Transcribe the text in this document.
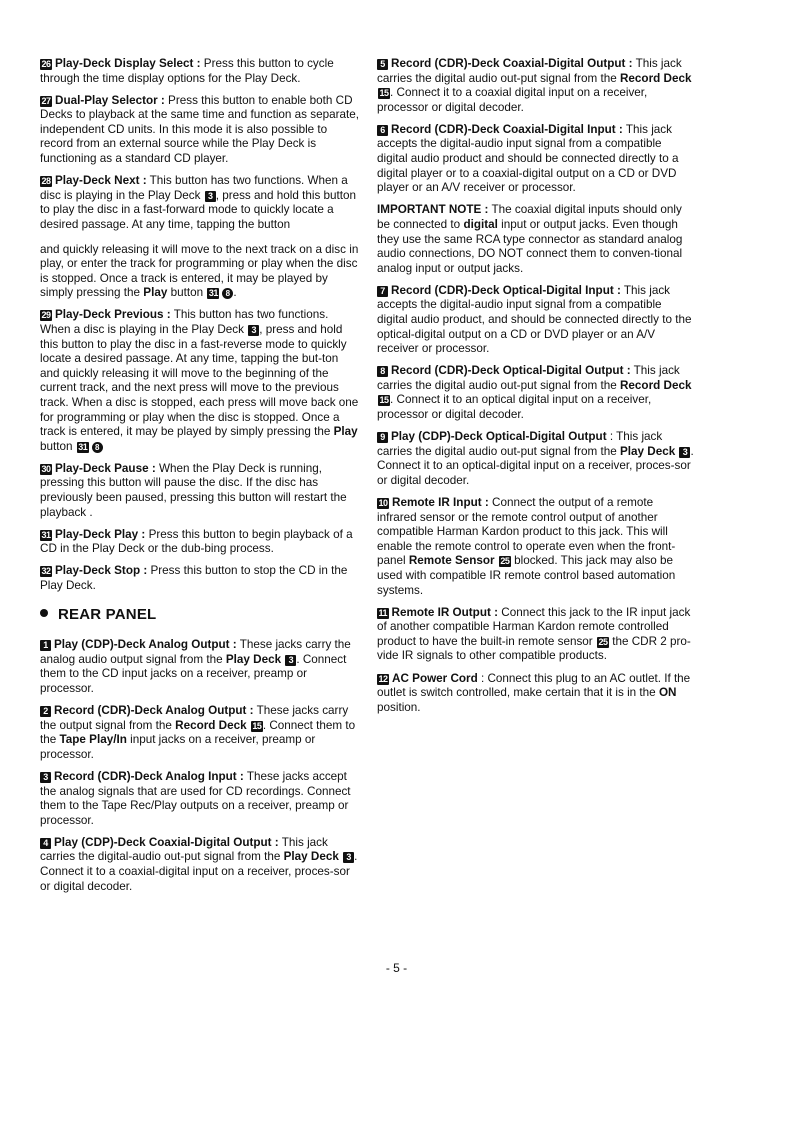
26 Play-Deck Display Select : Press this button to cycle through the time display options for the Play Deck.

27 Dual-Play Selector : Press this button to enable both CD Decks to playback at the same time and function as separate, independent CD units. In this mode it is also possible to record from an external source while the Play Deck is functioning as a standard CD player.

28 Play-Deck Next : This button has two functions. When a disc is playing in the Play Deck 3 , press and hold this button to play the disc in a fast-forward mode to quickly locate a desired passage. At any time, tapping the button

and quickly releasing it will move to the next track on a disc in play, or enter the track for programming or play when the disc is stopped. Once a track is entered, it may be played by simply pressing the Play button 31 8 .

29 Play-Deck Previous : This button has two functions. When a disc is playing in the Play Deck 3 , press and hold this button to play the disc in a fast-reverse mode to quickly locate a desired passage. At any time, tapping the but-ton and quickly releasing it will move to the beginning of the current track, and the next press will move to the previous track. When a disc is stopped, each press will move back one for programming or play when the disc is stopped. Once a track is entered, it may be played by simply pressing the Play button 31 8

30 Play-Deck Pause : When the Play Deck is running, pressing this button will pause the disc. If the disc has previously been paused, pressing this button will restart the playback .

31 Play-Deck Play : Press this button to begin playback of a CD in the Play Deck or the dub-bing process.

32 Play-Deck Stop : Press this button to stop the CD in the Play Deck.

REAR PANEL

1 Play (CDP)-Deck Analog Output : These jacks carry the analog audio output signal from the Play Deck 3 . Connect them to the CD input jacks on a receiver, preamp or processor.

2 Record (CDR)-Deck Analog Output : These jacks carry the output signal from the Record Deck 15 . Connect them to the Tape Play/In input jacks on a receiver, preamp or processor.

3 Record (CDR)-Deck Analog Input : These jacks accept the analog signals that are used for CD recordings. Connect them to the Tape Rec/Play outputs on a receiver, preamp or processor.

4 Play (CDP)-Deck Coaxial-Digital Output : This jack carries the digital-audio out-put signal from the Play Deck 3 . Connect it to a coaxial-digital input on a receiver, proces-sor or digital decoder.

5 Record (CDR)-Deck Coaxial-Digital Output : This jack carries the digital audio out-put signal from the Record Deck 15 . Connect it to a coaxial digital input on a receiver, processor or digital decoder.

6 Record (CDR)-Deck Coaxial-Digital Input : This jack accepts the digital-audio input signal from a compatible digital audio product and should be connected directly to a digital player or to a coaxial-digital output on a CD or DVD player or an A/V receiver or processor.

IMPORTANT NOTE : The coaxial digital inputs should only be connected to digital input or output jacks. Even though they use the same RCA type connector as standard analog audio connections, DO NOT connect them to conven-tional analog input or output jacks.

7 Record (CDR)-Deck Optical-Digital Input : This jack accepts the digital-audio input signal from a compatible digital audio product, and should be connected directly to the optical-digital output on a CD or DVD player or an A/V receiver or processor.

8 Record (CDR)-Deck Optical-Digital Output : This jack carries the digital audio out-put signal from the Record Deck 15 . Connect it to an optical digital input on a receiver, processor or digital decoder.

9 Play (CDP)-Deck Optical-Digital Output : This jack carries the digital audio out-put signal from the Play Deck 3 . Connect it to an optical-digital input on a receiver, proces-sor or digital decoder.

10 Remote IR Input : Connect the output of a remote infrared sensor or the remote control output of another compatible Harman Kardon product to this jack. This will enable the remote control to operate even when the front-panel Remote Sensor 25 blocked. This jack may also be used with compatible IR remote control based automation systems.

11 Remote IR Output : Connect this jack to the IR input jack of another compatible Harman Kardon remote controlled product to have the built-in remote sensor 25 the CDR 2 pro-vide IR signals to other compatible products.

12 AC Power Cord : Connect this plug to an AC outlet. If the outlet is switch controlled, make certain that it is in the ON position.

- 5 -
